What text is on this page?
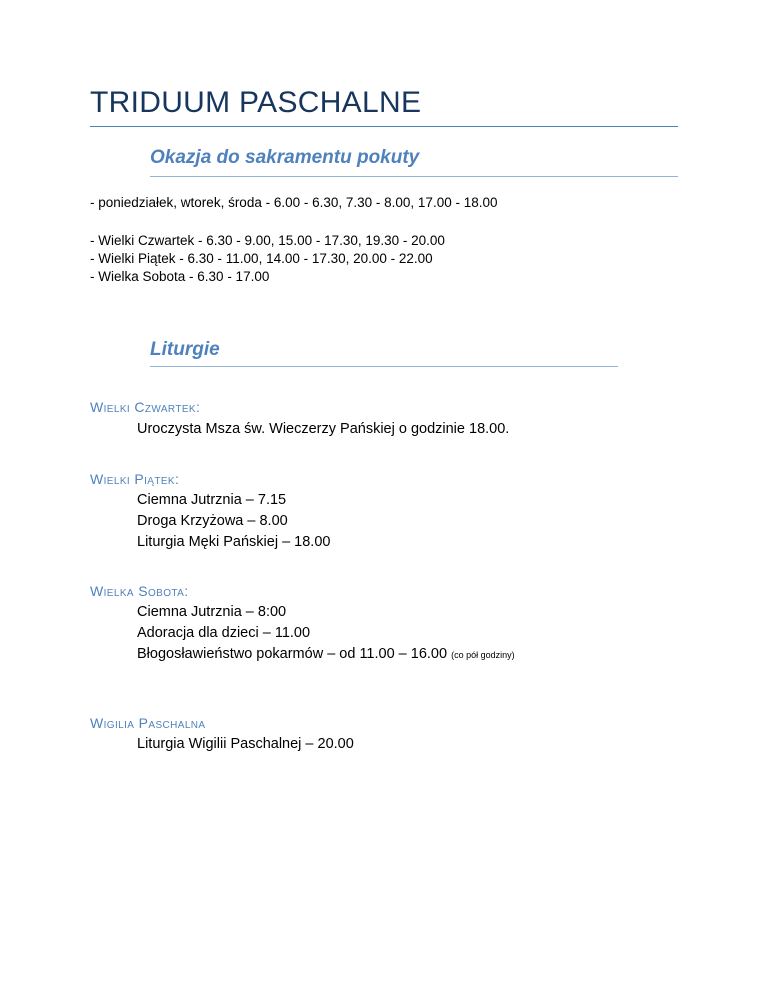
TRIDUUM PASCHALNE
Okazja do sakramentu pokuty
- poniedziałek, wtorek, środa - 6.00 - 6.30, 7.30 - 8.00, 17.00 - 18.00
- Wielki Czwartek - 6.30 - 9.00, 15.00 - 17.30, 19.30 - 20.00
- Wielki Piątek - 6.30 - 11.00, 14.00 - 17.30, 20.00 - 22.00
- Wielka Sobota - 6.30 - 17.00
Liturgie
Wielki Czwartek:
Uroczysta Msza św. Wieczerzy Pańskiej o godzinie 18.00.
Wielki Piątek:
Ciemna Jutrznia – 7.15
Droga Krzyżowa – 8.00
Liturgia Męki Pańskiej – 18.00
Wielka Sobota:
Ciemna Jutrznia – 8:00
Adoracja dla dzieci – 11.00
Błogosławieństwo pokarmów – od 11.00 – 16.00 (co pół godziny)
Wigilia Paschalna
Liturgia Wigilii Paschalnej – 20.00
